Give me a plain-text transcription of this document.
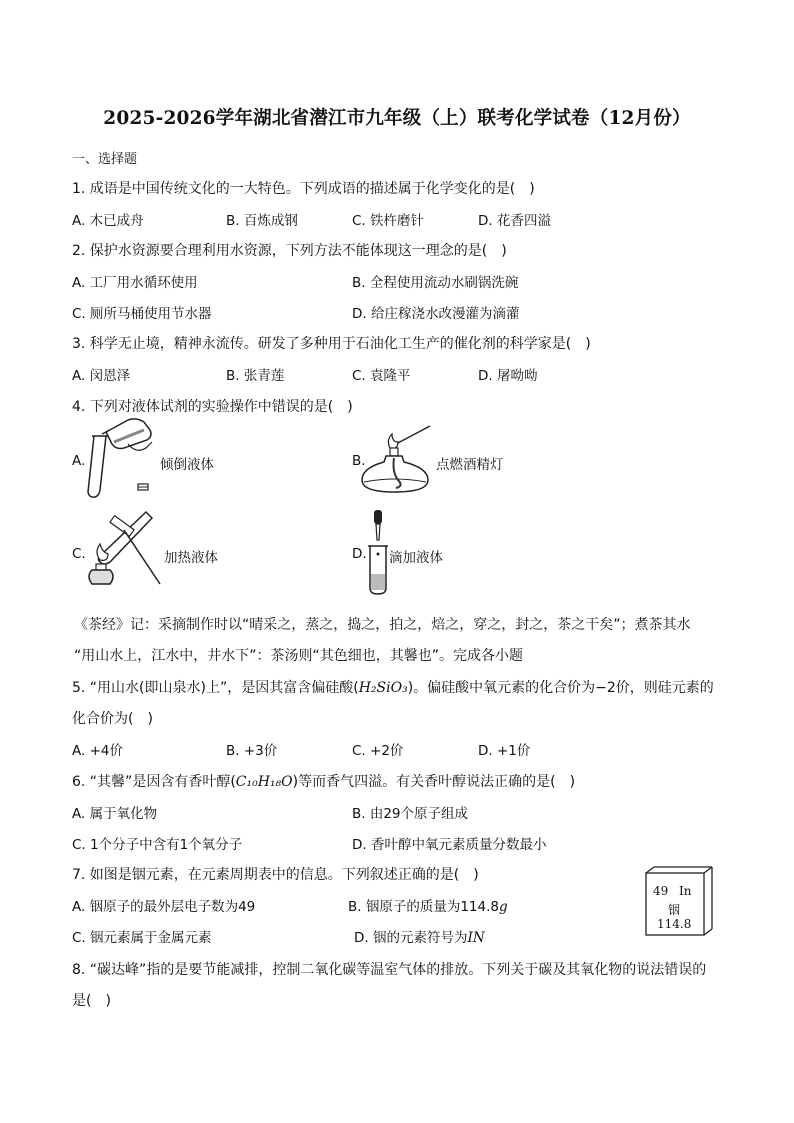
2025-2026学年湖北省潜江市九年级（上）联考化学试卷（12月份）
一、选择题
1. 成语是中国传统文化的一大特色。下列成语的描述属于化学变化的是(　)
A. 木已成舟	B. 百炼成钢	C. 铁杵磨针	D. 花香四溢
2. 保护水资源要合理利用水资源，下列方法不能体现这一理念的是(　)
A. 工厂用水循环使用	B. 全程使用流动水刷锅洗碗
C. 厕所马桶使用节水器	D. 给庄稼浇水改漫灌为滴灌
3. 科学无止境，精神永流传。研发了多种用于石油化工生产的催化剂的科学家是(　)
A. 闵恩泽	B. 张青莲	C. 袁隆平	D. 屠呦呦
4. 下列对液体试剂的实验操作中错误的是(　)
A.	倾倒液体	B.	点燃酒精灯
C.	加热液体	D. 滴加液体
《茶经》记：采摘制作时以“晴采之，蒸之，捣之，拍之，焙之，穿之，封之，茶之干矣”；煮茶其水
“用山水上，江水中，井水下”：茶汤则“其色细也，其馨也”。完成各小题
5. “用山水(即山泉水)上”，是因其富含偏硅酸(H₂SiO₃)。偏硅酸中氧元素的化合价为−2价，则硅元素的
化合价为(　)
A. +4价	B. +3价	C. +2价	D. +1价
6. “其馨”是因含有香叶醇(C₁₀H₁₈O)等而香气四溢。有关香叶醇说法正确的是(　)
A. 属于氧化物	B. 由29个原子组成
C. 1个分子中含有1个氧分子	D. 香叶醇中氧元素质量分数最小
7. 如图是铟元素，在元素周期表中的信息。下列叙述正确的是(　)
A. 铟原子的最外层电子数为49	B. 铟原子的质量为114.8g
C. 铟元素属于金属元素	D. 铟的元素符号为IN
49 In
铟
114.8
8. “碳达峰”指的是要节能减排，控制二氧化碳等温室气体的排放。下列关于碳及其氧化物的说法错误的
是(　)
